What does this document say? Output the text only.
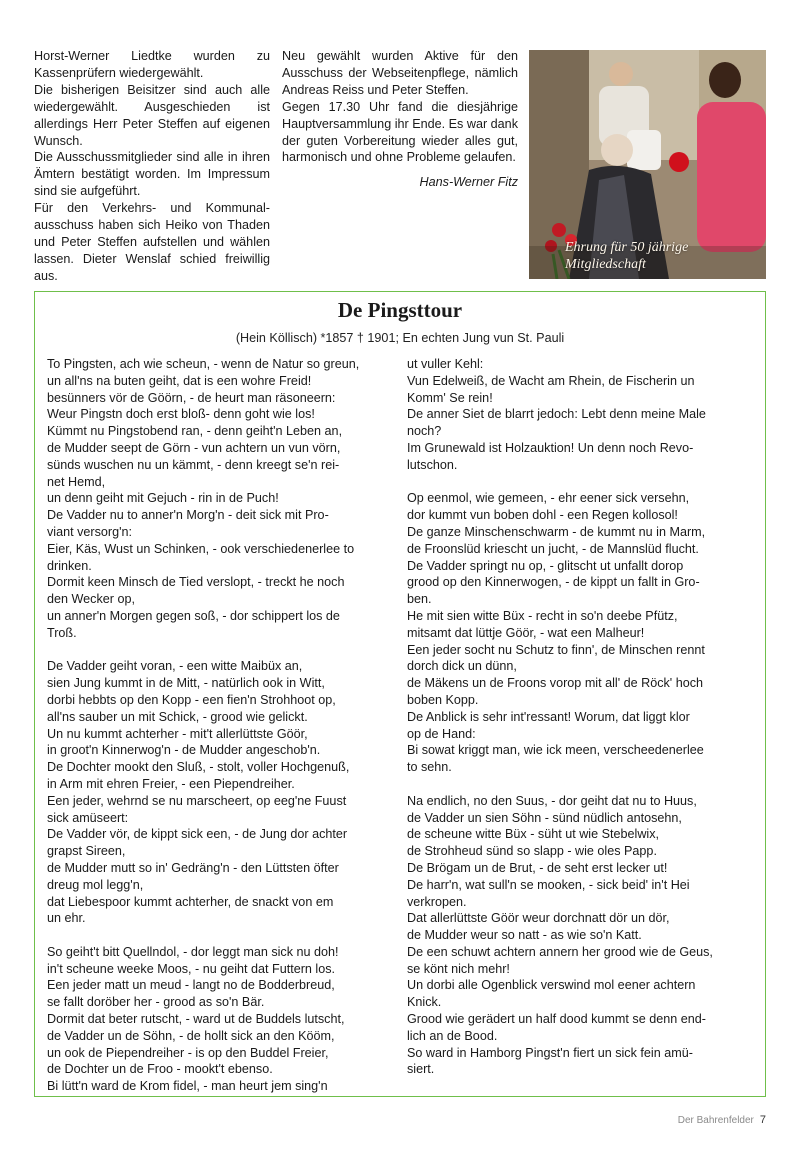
Horst-Werner Liedtke wurden zu Kassenprüfern wiedergewählt.

Die bisherigen Beisitzer sind auch alle wiedergewählt. Ausgeschieden ist allerdings Herr Peter Steffen auf eigenen Wunsch.

Die Ausschussmitglieder sind alle in ihren Ämtern bestätigt worden. Im Impressum sind sie aufgeführt.

Für den Verkehrs- und Kommunalausschuss haben sich Heiko von Thaden und Peter Steffen aufstellen und wählen lassen. Dieter Wenslaf schied freiwillig aus.

Neu gewählt wurden Aktive für den Ausschuss der Webseitenpflege, nämlich Andreas Reiss und Peter Steffen.

Gegen 17.30 Uhr fand die diesjährige Hauptversammlung ihr Ende. Es war dank der guten Vorbereitung wieder alles gut, harmonisch und ohne Probleme gelaufen.

Hans-Werner Fitz

Ehrung für 50 jährige Mitgliedschaft
De Pingsttour
(Hein Köllisch) *1857 † 1901; En echten Jung vun St. Pauli
To Pingsten, ach wie scheun, - wenn de Natur so greun,
un all'ns na buten geiht, dat is een wohre Freid!
besünners vör de Göörn, - de heurt man räsoneern:
Weur Pingstn doch erst bloß- denn goht wie los!
Kümmt nu Pingstobend ran, - denn geiht'n Leben an,
de Mudder seept de Görn - vun achtern un vun vörn,
sünds wuschen nu un kämmt, - denn kreegt se'n rei-
net Hemd,
un denn geiht mit Gejuch - rin in de Puch!
De Vadder nu to anner'n Morg'n - deit sick mit Pro-
viant versorg'n:
Eier, Käs, Wust un Schinken, - ook verschiedenerlee to
drinken.
Dormit keen Minsch de Tied verslopt, - treckt he noch
den Wecker op,
un anner'n Morgen gegen soß, - dor schippert los de
Troß.
De Vadder geiht voran, - een witte Maibüx an,
sien Jung kummt in de Mitt, - natürlich ook in Witt,
dorbi hebbts op den Kopp - een fien'n Strohhoot op,
all'ns sauber un mit Schick, - grood wie gelickt.
Un nu kummt achterher - mit't allerlüttste Göör,
in groot'n Kinnerwog'n - de Mudder angeschob'n.
De Dochter mookt den Sluß, - stolt, voller Hochgenuß,
in Arm mit ehren Freier, - een Piependreiher.
Een jeder, wehrnd se nu marscheert, op eeg'ne Fuust
sick amüseert:
De Vadder vör, de kippt sick een, - de Jung dor achter
grapst Sireen,
de Mudder mutt so in' Gedräng'n - den Lüttsten öfter
dreug mol legg'n,
dat Liebespoor kummt achterher, de snackt von em
un ehr.
So geiht't bitt Quellndol, - dor leggt man sick nu doh!
in't scheune weeke Moos, - nu geiht dat Futtern los.
Een jeder matt un meud - langt no de Bodderbreud,
se fallt doröber her - grood as so'n Bär.
Dormit dat beter rutscht, - ward ut de Buddels lutscht,
de Vadder un de Söhn, - de hollt sick an den Kööm,
un ook de Piependreiher - is op den Buddel Freier,
de Dochter un de Froo - mookt't ebenso.
Bi lütt'n ward de Krom fidel, - man heurt jem sing'n
ut vuller Kehl:
Vun Edelweiß, de Wacht am Rhein, de Fischerin un
Komm' Se rein!
De anner Siet de blarrt jedoch: Lebt denn meine Male
noch?
Im Grunewald ist Holzauktion! Un denn noch Revo-
lutschon.
Op eenmol, wie gemeen, - ehr eener sick versehn,
dor kummt vun boben dohl - een Regen kollosol!
De ganze Minschenschwarm - de kummt nu in Marm,
de Froonslüd kriescht un jucht, - de Mannslüd flucht.
De Vadder springt nu op, - glitscht ut unfallt dorop
grood op den Kinnerwogen, - de kippt un fallt in Gro-
ben.
He mit sien witte Büx - recht in so'n deebe Pfütz,
mitsamt dat lüttje Göör, - wat een Malheur!
Een jeder socht nu Schutz to finn', de Minschen rennt
dorch dick un dünn,
de Mäkens un de Froons vorop mit all' de Röck' hoch
boben Kopp.
De Anblick is sehr int'ressant! Worum, dat liggt klor
op de Hand:
Bi sowat kriggt man, wie ick meen, verscheedenerlee
to sehn.
Na endlich, no den Suus, - dor geiht dat nu to Huus,
de Vadder un sien Söhn - sünd nüdlich antosehn,
de scheune witte Büx - süht ut wie Stebelwix,
de Strohheud sünd so slapp - wie oles Papp.
De Brögam un de Brut, - de seht erst lecker ut!
De harr'n, wat sull'n se mooken, - sick beid' in't Hei
verkropen.
Dat allerlüttste Göör weur dorchnatt dör un dör,
de Mudder weur so natt - as wie so'n Katt.
De een schuwt achtern annern her grood wie de Geus,
se könt nich mehr!
Un dorbi alle Ogenblick verswind mol eener achtern
Knick.
Grood wie gerädert un half dood kummt se denn end-
lich an de Bood.
So ward in Hamborg Pingst'n fiert un sick fein amü-
siert.
Der Bahrenfelder 7
